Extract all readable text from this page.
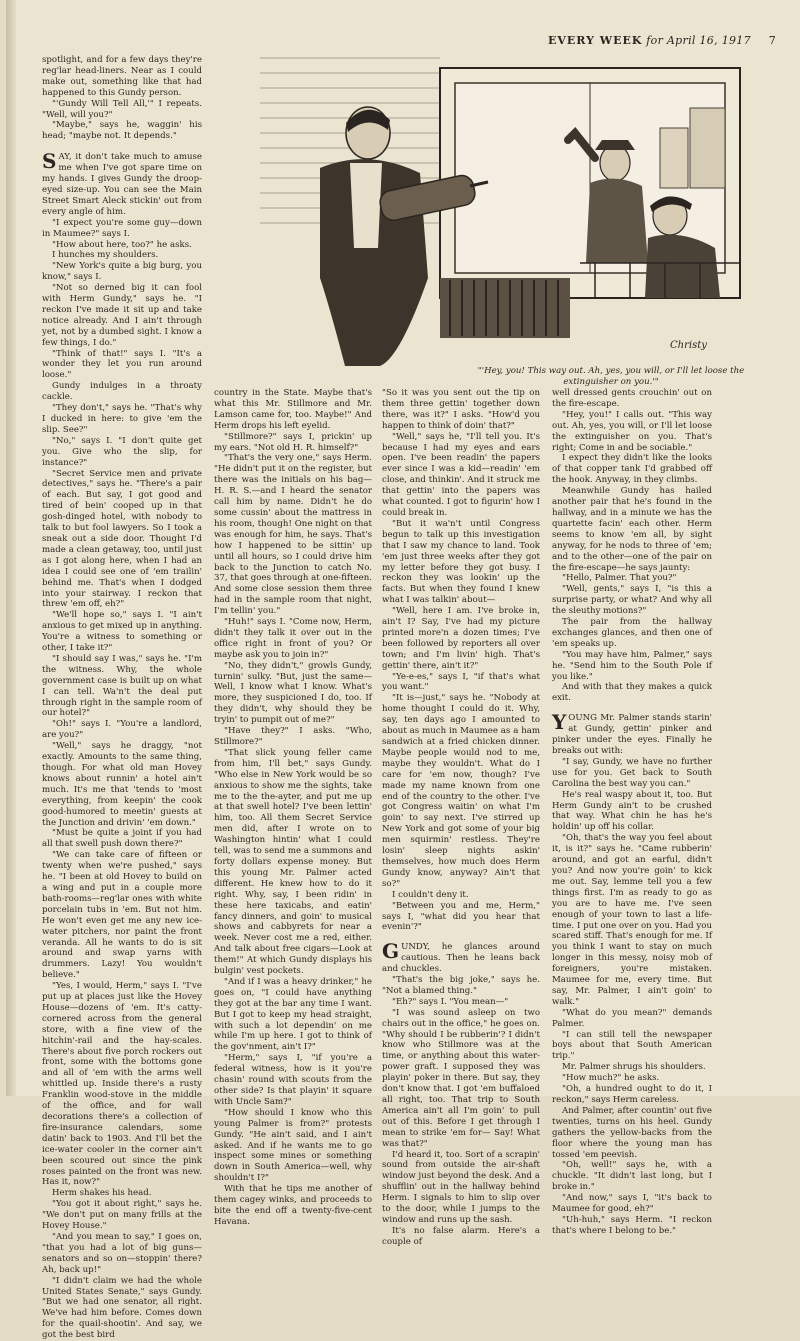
EVERY WEEK for April 16, 1917 7
Christy
"'Hey, you! This way out. Ah, yes, you will, or I'll let loose the extinguisher on you.'"

spotlight, and for a few days they're reg'lar head-liners. Near as I could make out, something like that had happened to this Gundy person.

"'Gundy Will Tell All,'" I repeats. "Well, will you?"

"Maybe," says he, waggin' his head; "maybe not. It depends."

SAY, it don't take much to amuse me when I've got spare time on my hands. I gives Gundy the droop-eyed size-up. You can see the Main Street Smart Aleck stickin' out from every angle of him.

"I expect you're some guy—down in Maumee?" says I.

"How about here, too?" he asks.

I hunches my shoulders.

"New York's quite a big burg, you know," says I.

"Not so derned big it can fool with Herm Gundy," says he. "I reckon I've made it sit up and take notice already. And I ain't through yet, not by a dumbed sight. I know a few things, I do."

"Think of that!" says I. "It's a wonder they let you run around loose."

Gundy indulges in a throaty cackle.

"They don't," says he. "That's why I ducked in here: to give 'em the slip. See?"

"No," says I. "I don't quite get you. Give who the slip, for instance?"

"Secret Service men and private detectives," says he. "There's a pair of each. But say, I got good and tired of bein' cooped up in that gosh-dinged hotel, with nobody to talk to but fool lawyers. So I took a sneak out a side door. Thought I'd made a clean getaway, too, until just as I got along here, when I had an idea I could see one of 'em trailin' behind me. That's when I dodged into your stairway. I reckon that threw 'em off, eh?"

"We'll hope so," says I. "I ain't anxious to get mixed up in anything. You're a witness to something or other, I take it?"

"I should say I was," says he. "I'm the witness. Why, the whole government case is built up on what I can tell. Wa'n't the deal put through right in the sample room of our hotel?"

"Oh!" says I. "You're a landlord, are you?"

"Well," says he draggy, "not exactly. Amounts to the same thing, though. For what old man Hovey knows about runnin' a hotel ain't much. It's me that 'tends to 'most everything, from keepin' the cook good-humored to meetin' guests at the Junction and drivin' 'em down."

"Must be quite a joint if you had all that swell push down there?"

"We can take care of fifteen or twenty when we're pushed," says he. "I been at old Hovey to build on a wing and put in a couple more bath-rooms—reg'lar ones with white porcelain tubs in 'em. But not him. He won't even get me any new ice-water pitchers, nor paint the front veranda. All he wants to do is sit around and swap yarns with drummers. Lazy! You wouldn't believe."

"Yes, I would, Herm," says I. "I've put up at places just like the Hovey House—dozens of 'em. It's catty-cornered across from the general store, with a fine view of the hitchin'-rail and the hay-scales. There's about five porch rockers out front, some with the bottoms gone and all of 'em with the arms well whittled up. Inside there's a rusty Franklin wood-stove in the middle of the office, and for wall decorations there's a collection of fire-insurance calendars, some datin' back to 1903. And I'll bet the ice-water cooler in the corner ain't been scoured out since the pink roses painted on the front was new. Has it, now?"

Herm shakes his head.

"You got it about right," says he. "We don't put on many frills at the Hovey House."

"And you mean to say," I goes on, "that you had a lot of big guns—senators and so on—stoppin' there? Ah, back up!"

"I didn't claim we had the whole United States Senate," says Gundy. "But we had one senator, all right. We've had him before. Comes down for the quail-shootin'. And say, we got the best bird

country in the State. Maybe that's what this Mr. Stillmore and Mr. Lamson came for, too. Maybe!" And Herm drops his left eyelid.

"Stillmore?" says I, prickin' up my ears. "Not old H. R. himself?"

"That's the very one," says Herm. "He didn't put it on the register, but there was the initials on his bag—H. R. S.—and I heard the senator call him by name. Didn't he do some cussin' about the mattress in his room, though! One night on that was enough for him, he says. That's how I happened to be sittin' up until all hours, so I could drive him back to the Junction to catch No. 37, that goes through at one-fifteen. And some close session them three had in the sample room that night, I'm tellin' you."

"Huh!" says I. "Come now, Herm, didn't they talk it over out in the office right in front of you? Or maybe ask you to join in?"

"No, they didn't," growls Gundy, turnin' sulky. "But, just the same— Well, I know what I know. What's more, they suspicioned I do, too. If they didn't, why should they be tryin' to pumpit out of me?"

"Have they?" I asks. "Who, Stillmore?"

"That slick young feller came from him, I'll bet," says Gundy. "Who else in New York would be so anxious to show me the sights, take me to the the-ayter, and put me up at that swell hotel? I've been lettin' him, too. All them Secret Service men did, after I wrote on to Washington hintin' what I could tell, was to send me a summons and forty dollars expense money. But this young Mr. Palmer acted different. He knew how to do it right. Why, say, I been ridin' in these here taxicabs, and eatin' fancy dinners, and goin' to musical shows and cabbyrets for near a week. Never cost me a red, either. And talk about free cigars—Look at them!" At which Gundy displays his bulgin' vest pockets.

"And if I was a heavy drinker," he goes on, "I could have anything they got at the bar any time I want. But I got to keep my head straight, with such a lot dependin' on me while I'm up here. I got to think of the gov'nment, ain't I?"

"Herm," says I, "if you're a federal witness, how is it you're chasin' round with scouts from the other side? Is that playin' it square with Uncle Sam?"

"How should I know who this young Palmer is from?" protests Gundy. "He ain't said, and I ain't asked. And if he wants me to go inspect some mines or something down in South America—well, why shouldn't I?"

With that he tips me another of them cagey winks, and proceeds to bite the end off a twenty-five-cent Havana.

"So it was you sent out the tip on them three gettin' together down there, was it?" I asks. "How'd you happen to think of doin' that?"

"Well," says he, "I'll tell you. It's because I had my eyes and ears open. I've been readin' the papers ever since I was a kid—readin' 'em close, and thinkin'. And it struck me that gettin' into the papers was what counted. I got to figurin' how I could break in.

"But it wa'n't until Congress begun to talk up this investigation that I saw my chance to land. Took 'em just three weeks after they got my letter before they got busy. I reckon they was lookin' up the facts. But when they found I knew what I was talkin' about—

"Well, here I am. I've broke in, ain't I? Say, I've had my picture printed more'n a dozen times; I've been followed by reporters all over town; and I'm livin' high. That's gettin' there, ain't it?"

"Ye-e-es," says I, "if that's what you want."

"It is—just," says he. "Nobody at home thought I could do it. Why, say, ten days ago I amounted to about as much in Maumee as a ham sandwich at a fried chicken dinner. Maybe people would nod to me, maybe they wouldn't. What do I care for 'em now, though? I've made my name known from one end of the country to the other. I've got Congress waitin' on what I'm goin' to say next. I've stirred up New York and got some of your big men squirmin' restless. They're losin' sleep nights askin' themselves, how much does Herm Gundy know, anyway? Ain't that so?"

I couldn't deny it.

"Between you and me, Herm," says I, "what did you hear that evenin'?"

GUNDY, he glances around cautious. Then he leans back and chuckles.

"That's the big joke," says he. "Not a blamed thing."

"Eh?" says I. "You mean—"

"I was sound asleep on two chairs out in the office," he goes on. "Why should I be rubberin'? I didn't know who Stillmore was at the time, or anything about this water-power graft. I supposed they was playin' poker in there. But say, they don't know that. I got 'em buffaloed all right, too. That trip to South America ain't all I'm goin' to pull out of this. Before I get through I mean to strike 'em for— Say! What was that?"

I'd heard it, too. Sort of a scrapin' sound from outside the air-shaft window just beyond the desk. And a shufflin' out in the hallway behind Herm. I signals to him to slip over to the door, while I jumps to the window and runs up the sash.

It's no false alarm. Here's a couple of

well dressed gents crouchin' out on the fire-escape.

"Hey, you!" I calls out. "This way out. Ah, yes, you will, or I'll let loose the extinguisher on you. That's right; Come in and be sociable."

I expect they didn't like the looks of that copper tank I'd grabbed off the hook. Anyway, in they climbs.

Meanwhile Gundy has hailed another pair that he's found in the hallway, and in a minute we has the quartette facin' each other. Herm seems to know 'em all, by sight anyway, for he nods to three of 'em; and to the other—one of the pair on the fire-escape—he says jaunty:

"Hello, Palmer. That you?"

"Well, gents," says I, "is this a surprise party, or what? And why all the sleuthy motions?"

The pair from the hallway exchanges glances, and then one of 'em speaks up.

"You may have him, Palmer," says he. "Send him to the South Pole if you like."

And with that they makes a quick exit.

YOUNG Mr. Palmer stands starin' at Gundy, gettin' pinker and pinker under the eyes. Finally he breaks out with:

"I say, Gundy, we have no further use for you. Get back to South Carolina the best way you can."

He's real waspy about it, too. But Herm Gundy ain't to be crushed that way. What chin he has he's holdin' up off his collar.

"Oh, that's the way you feel about it, is it?" says he. "Came rubberin' around, and got an earful, didn't you? And now you're goin' to kick me out. Say, lemme tell you a few things first. I'm as ready to go as you are to have me. I've seen enough of your town to last a life-time. I put one over on you. Had you scared stiff. That's enough for me. If you think I want to stay on much longer in this messy, noisy mob of foreigners, you're mistaken. Maumee for me, every time. But say, Mr. Palmer, I ain't goin' to walk."

"What do you mean?" demands Palmer.

"I can still tell the newspaper boys about that South American trip."

Mr. Palmer shrugs his shoulders.

"How much?" he asks.

"Oh, a hundred ought to do it, I reckon," says Herm careless.

And Palmer, after countin' out five twenties, turns on his heel. Gundy gathers the yellow-backs from the floor where the young man has tossed 'em peevish.

"Oh, well!" says he, with a chuckle. "It didn't last long, but I broke in."

"And now," says I, "it's back to Maumee for good, eh?"

"Uh-huh," says Herm. "I reckon that's where I belong to be."
